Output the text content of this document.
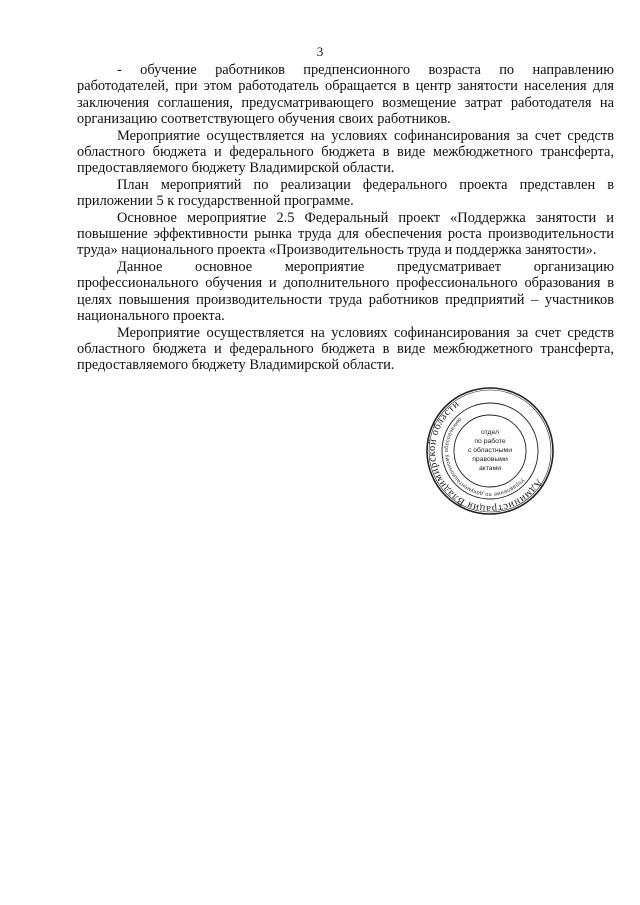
3

- обучение работников предпенсионного возраста по направлению работодателей, при этом работодатель обращается в центр занятости населения для заключения соглашения, предусматривающего возмещение затрат работодателя на организацию соответствующего обучения своих работников.

Мероприятие осуществляется на условиях софинансирования за счет средств областного бюджета и федерального бюджета в виде межбюджетного трансферта, предоставляемого бюджету Владимирской области.

План мероприятий по реализации федерального проекта представлен в приложении 5 к государственной программе.

Основное мероприятие 2.5 Федеральный проект «Поддержка занятости и повышение эффективности рынка труда для обеспечения роста производительности труда» национального проекта «Производительность труда и поддержка занятости».

Данное основное мероприятие предусматривает организацию профессионального обучения и дополнительного профессионального образования в целях повышения производительности труда работников предприятий – участников национального проекта.

Мероприятие осуществляется на условиях софинансирования за счет средств областного бюджета и федерального бюджета в виде межбюджетного трансферта, предоставляемого бюджету Владимирской области.

Администрация Владимирской области
Управление по документационному обеспечению
отдел
по работе
с областными
правовыми
актами
